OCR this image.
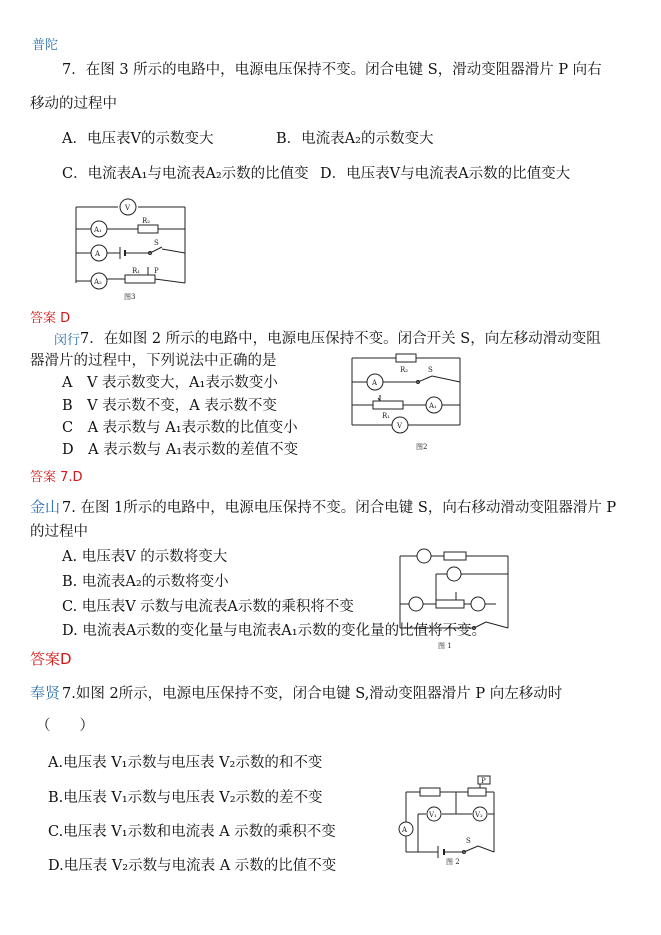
普陀
7．在图 3 所示的电路中，电源电压保持不变。闭合电键 S，滑动变阻器滑片 P 向右
移动的过程中
A．电压表V的示数变大	B．电流表A₂的示数变大
C．电流表A₁与电流表A₂示数的比值变 D．电压表V与电流表A示数的比值变大
V
A₁
A
A₂
R₂
R₁ P
S
图3
答案 D
闵行 7．在如图 2 所示的电路中，电源电压保持不变。闭合开关 S，向左移动滑动变阻
器滑片的过程中，下列说法中正确的是
A　V 表示数变大，A₁表示数变小
B　V 表示数不变，A 表示数不变
C　A 表示数与 A₁表示数的比值变小
D　A 表示数与 A₁表示数的差值不变
A
A₁
V
R₂
R₁
S
图2
答案 7.D
金山 7. 在图 1所示的电路中，电源电压保持不变。闭合电键 S，向右移动滑动变阻器滑片 P
的过程中
A. 电压表V 的示数将变大
B. 电流表A₂的示数将变小
C. 电压表V 示数与电流表A示数的乘积将不变
D. 电流表A示数的变化量与电流表A₁示数的变化量的比值将不变。
图 1
答案D
奉贤 7.如图 2所示，电源电压保持不变，闭合电键 S,滑动变阻器滑片 P 向左移动时
（　　）
A.电压表 V₁示数与电压表 V₂示数的和不变
B.电压表 V₁示数与电压表 V₂示数的差不变
C.电压表 V₁示数和电流表 A 示数的乘积不变
D.电压表 V₂示数与电流表 A 示数的比值不变
V₁	V₂
A
P
S
图 2
